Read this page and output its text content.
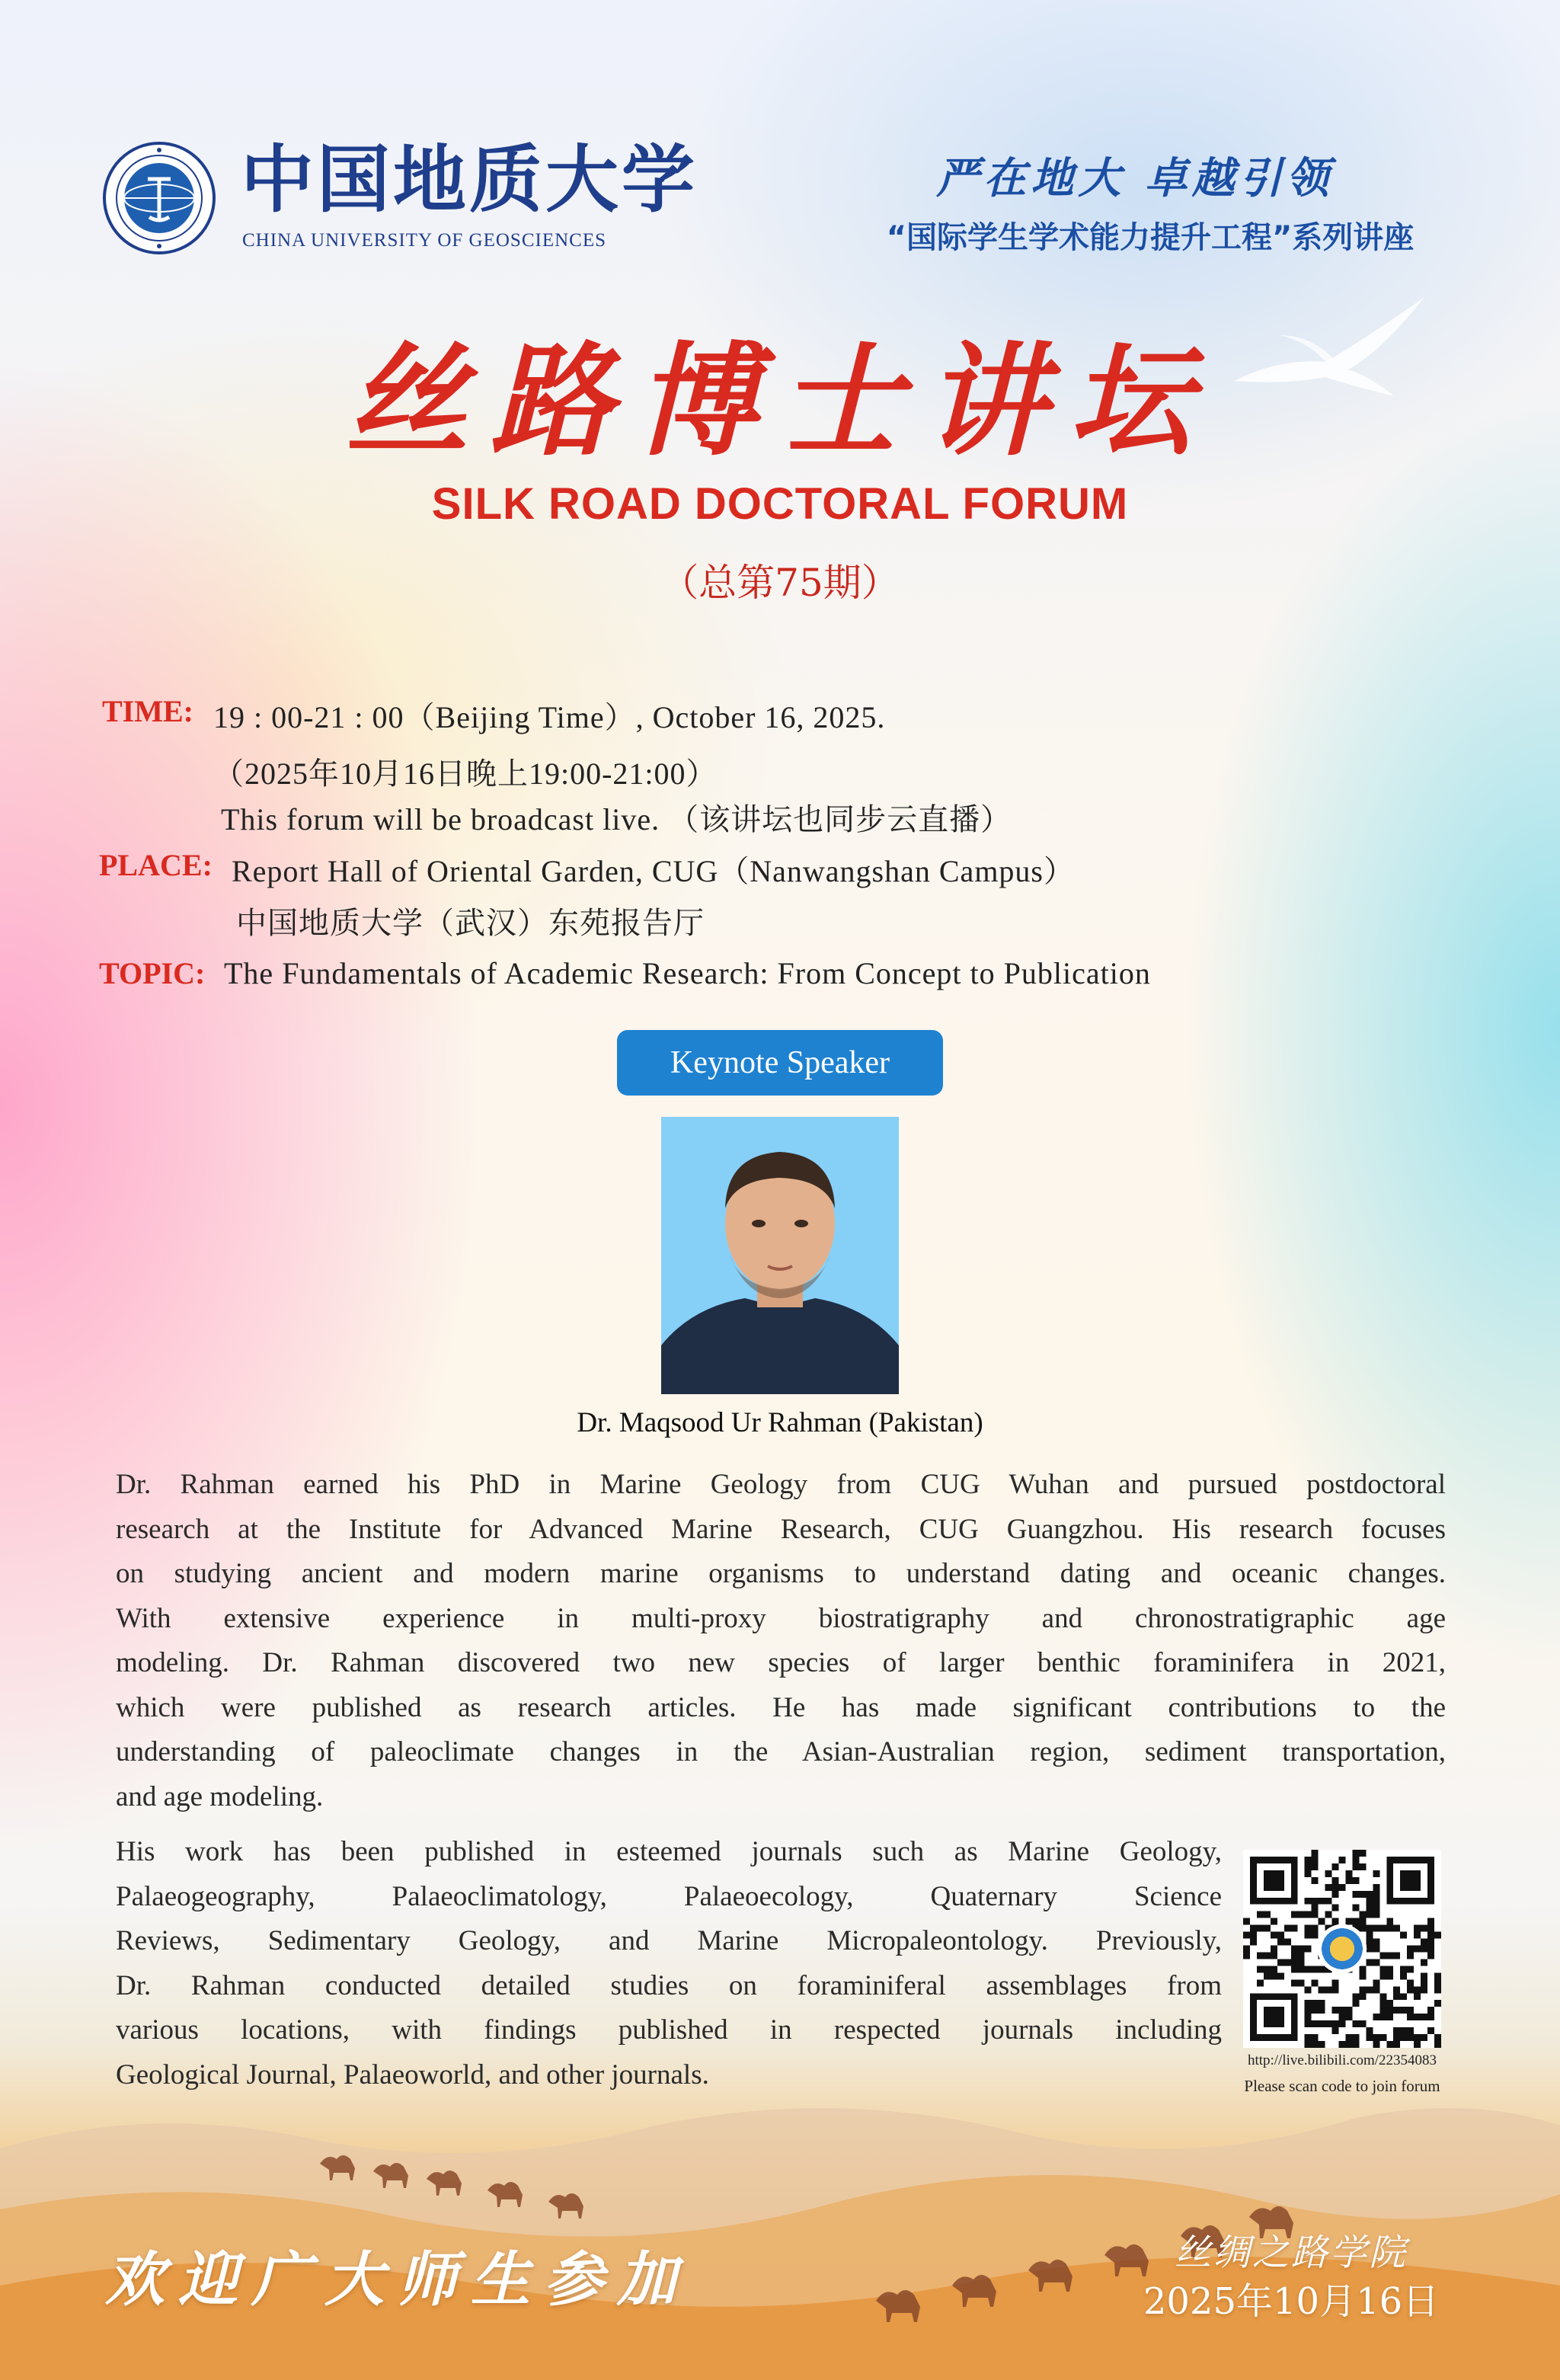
中国地质大学
CHINA UNIVERSITY OF GEOSCIENCES
严在地大 卓越引领
“国际学生学术能力提升工程”系列讲座
丝路博士讲坛
SILK ROAD DOCTORAL FORUM
（总第75期）
TIME: 19 : 00-21 : 00（Beijing Time）, October 16, 2025.
（2025年10月16日晚上19:00-21:00）
This forum will be broadcast live. （该讲坛也同步云直播）
PLACE: Report Hall of Oriental Garden, CUG（Nanwangshan Campus）
中国地质大学（武汉）东苑报告厅
TOPIC: The Fundamentals of Academic Research: From Concept to Publication
Keynote Speaker
Dr. Maqsood Ur Rahman (Pakistan)
Dr. Rahman earned his PhD in Marine Geology from CUG Wuhan and pursued postdoctoral
research at the Institute for Advanced Marine Research, CUG Guangzhou. His research focuses
on studying ancient and modern marine organisms to understand dating and oceanic changes.
With extensive experience in multi-proxy biostratigraphy and chronostratigraphic age
modeling. Dr. Rahman discovered two new species of larger benthic foraminifera in 2021,
which were published as research articles. He has made significant contributions to the
understanding of paleoclimate changes in the Asian-Australian region, sediment transportation,
and age modeling.
His work has been published in esteemed journals such as Marine Geology,
Palaeogeography, Palaeoclimatology, Palaeoecology, Quaternary Science
Reviews, Sedimentary Geology, and Marine Micropaleontology. Previously,
Dr. Rahman conducted detailed studies on foraminiferal assemblages from
various locations, with findings published in respected journals including
Geological Journal, Palaeoworld, and other journals.	http://live.bilibili.com/22354083
Please scan code to join forum
欢迎广大师生参加	丝绸之路学院
2025年10月16日
